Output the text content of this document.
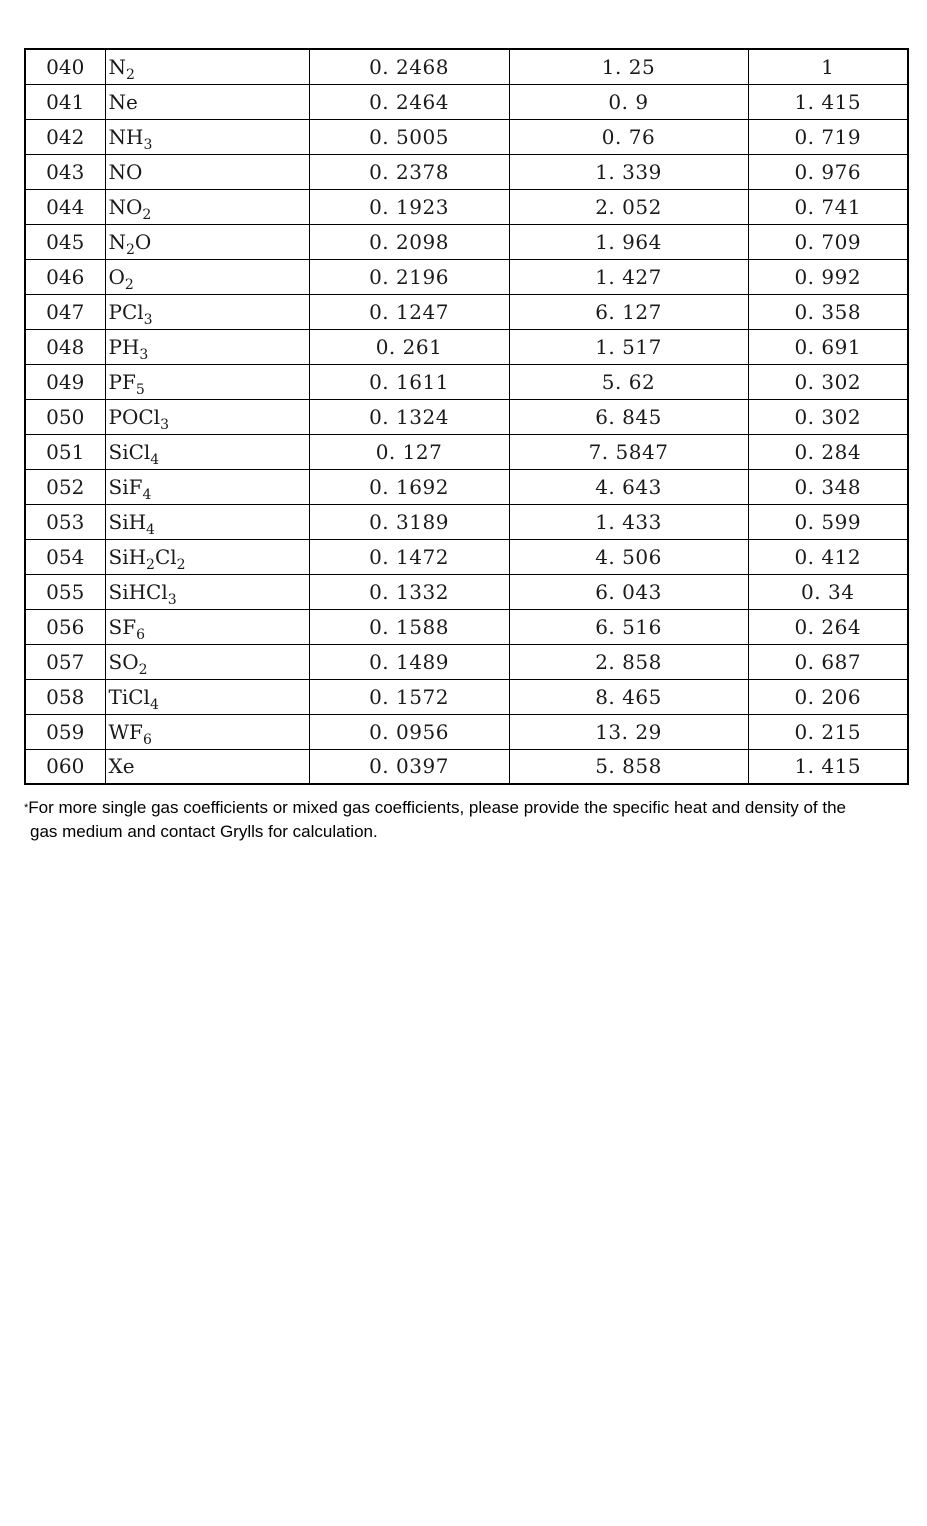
040	$N_2$	0. 2468	1. 25	1
041	Ne	0. 2464	0. 9	1. 415
042	$NH_3$	0. 5005	0. 76	0. 719
043	NO	0. 2378	1. 339	0. 976
044	$NO_2$	0. 1923	2. 052	0. 741
045	$N_2O$	0. 2098	1. 964	0. 709
046	$O_2$	0. 2196	1. 427	0. 992
047	PCl$_3$	0. 1247	6. 127	0. 358
048	$PH_3$	0. 261	1. 517	0. 691
049	$PF_5$	0. 1611	5. 62	0. 302
050	POCl$_3$	0. 1324	6. 845	0. 302
051	SiCl$_4$	0. 127	7. 5847	0. 284
052	SiF$_4$	0. 1692	4. 643	0. 348
053	SiH$_4$	0. 3189	1. 433	0. 599
054	$SiH_2Cl_2$	0. 1472	4. 506	0. 412
055	SiHCl$_3$	0. 1332	6. 043	0. 34
056	$SF_6$	0. 1588	6. 516	0. 264
057	$SO_2$	0. 1489	2. 858	0. 687
058	TiCl$_4$	0. 1572	8. 465	0. 206
059	$WF_6$	0. 0956	13. 29	0. 215
060	Xe	0. 0397	5. 858	1. 415
*For more single gas coefficients or mixed gas coefficients, please provide the specific heat and density of the
gas medium and contact Grylls for calculation.
